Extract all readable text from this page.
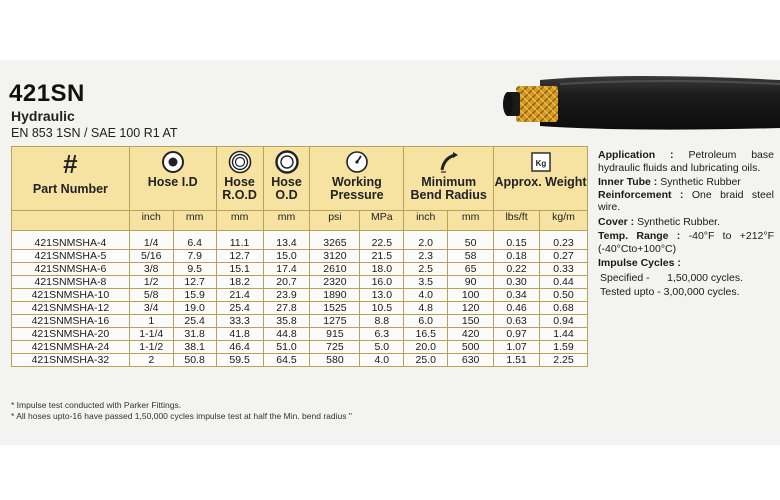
421SN
Hydraulic
EN 853 1SN / SAE 100 R1 AT
#
Part Number	Hose I.D		Hose R.O.D	Hose O.D	Working Pressure		Minimum Bend Radius		Kg
Approx. Weight	
	inch	mm	mm	mm	psi	MPa	inch	mm	lbs/ft	kg/m
421SNMSHA-4	1/4	6.4	11.1	13.4	3265	22.5	2.0	50	0.15	0.23
421SNMSHA-5	5/16	7.9	12.7	15.0	3120	21.5	2.3	58	0.18	0.27
421SNMSHA-6	3/8	9.5	15.1	17.4	2610	18.0	2.5	65	0.22	0.33
421SNMSHA-8	1/2	12.7	18.2	20.7	2320	16.0	3.5	90	0.30	0.44
421SNMSHA-10	5/8	15.9	21.4	23.9	1890	13.0	4.0	100	0.34	0.50
421SNMSHA-12	3/4	19.0	25.4	27.8	1525	10.5	4.8	120	0.46	0.68
421SNMSHA-16	1	25.4	33.3	35.8	1275	8.8	6.0	150	0.63	0.94
421SNMSHA-20	1-1/4	31.8	41.8	44.8	915	6.3	16.5	420	0.97	1.44
421SNMSHA-24	1-1/2	38.1	46.4	51.0	725	5.0	20.0	500	1.07	1.59
421SNMSHA-32	2	50.8	59.5	64.5	580	4.0	25.0	630	1.51	2.25
* Impulse test conducted with Parker Fittings.
* All hoses upto-16 have passed 1,50,000 cycles impulse test at half the Min. bend radius "
Application : Petroleum base hydraulic fluids and lubricating oils.
Inner Tube : Synthetic Rubber
Reinforcement : One braid steel wire.
Cover : Synthetic Rubber.
Temp. Range : -40°F to +212°F (-40°Cto+100°C)
Impulse Cycles :
Specified -      1,50,000 cycles.
Tested upto - 3,00,000 cycles.
